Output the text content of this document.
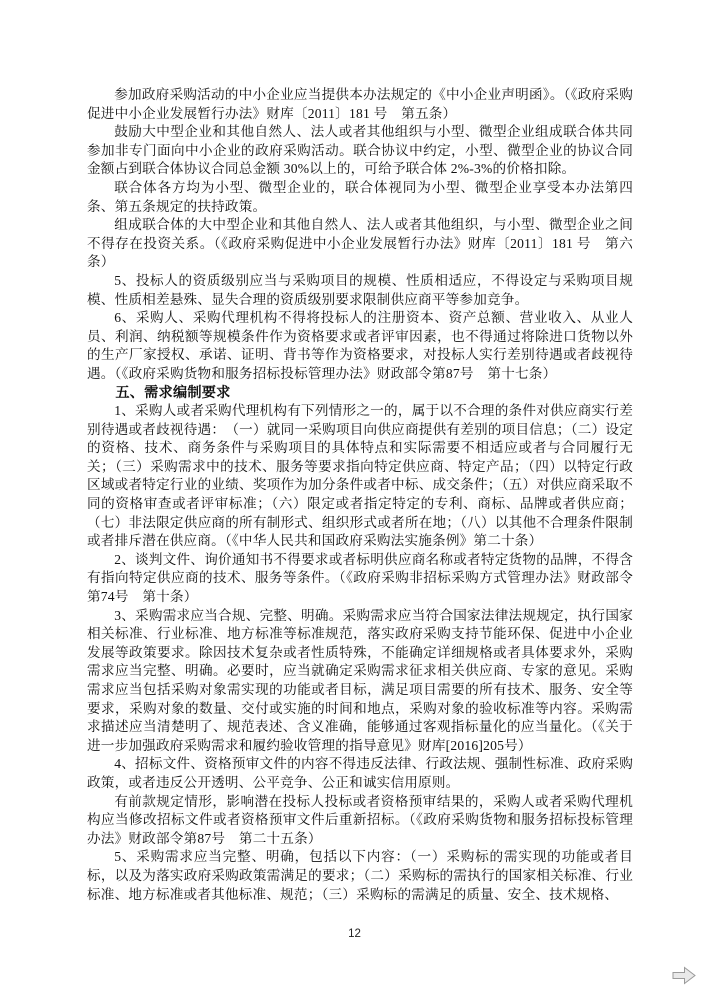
参加政府采购活动的中小企业应当提供本办法规定的《中小企业声明函》。（《政府采购促进中小企业发展暂行办法》财库〔2011〕181 号　第五条）

鼓励大中型企业和其他自然人、法人或者其他组织与小型、微型企业组成联合体共同参加非专门面向中小企业的政府采购活动。联合协议中约定，小型、微型企业的协议合同金额占到联合体协议合同总金额 30%以上的，可给予联合体 2%-3%的价格扣除。

联合体各方均为小型、微型企业的，联合体视同为小型、微型企业享受本办法第四条、第五条规定的扶持政策。

组成联合体的大中型企业和其他自然人、法人或者其他组织，与小型、微型企业之间不得存在投资关系。（《政府采购促进中小企业发展暂行办法》财库〔2011〕181 号　第六条）

5、投标人的资质级别应当与采购项目的规模、性质相适应，不得设定与采购项目规模、性质相差悬殊、显失合理的资质级别要求限制供应商平等参加竞争。

6、采购人、采购代理机构不得将投标人的注册资本、资产总额、营业收入、从业人员、利润、纳税额等规模条件作为资格要求或者评审因素，也不得通过将除进口货物以外的生产厂家授权、承诺、证明、背书等作为资格要求，对投标人实行差别待遇或者歧视待遇。（《政府采购货物和服务招标投标管理办法》财政部令第87号　第十七条）

五、需求编制要求

1、采购人或者采购代理机构有下列情形之一的，属于以不合理的条件对供应商实行差别待遇或者歧视待遇：　（一）就同一采购项目向供应商提供有差别的项目信息；（二）设定的资格、技术、商务条件与采购项目的具体特点和实际需要不相适应或者与合同履行无关；（三）采购需求中的技术、服务等要求指向特定供应商、特定产品；（四）以特定行政区域或者特定行业的业绩、奖项作为加分条件或者中标、成交条件；（五）对供应商采取不同的资格审查或者评审标准；（六）限定或者指定特定的专利、商标、品牌或者供应商；（七）非法限定供应商的所有制形式、组织形式或者所在地；（八）以其他不合理条件限制或者排斥潜在供应商。（《中华人民共和国政府采购法实施条例》第二十条）

2、谈判文件、询价通知书不得要求或者标明供应商名称或者特定货物的品牌，不得含有指向特定供应商的技术、服务等条件。（《政府采购非招标采购方式管理办法》财政部令第74号　第十条）

3、采购需求应当合规、完整、明确。采购需求应当符合国家法律法规规定，执行国家相关标准、行业标准、地方标准等标准规范，落实政府采购支持节能环保、促进中小企业发展等政策要求。除因技术复杂或者性质特殊，不能确定详细规格或者具体要求外，采购需求应当完整、明确。必要时，应当就确定采购需求征求相关供应商、专家的意见。采购需求应当包括采购对象需实现的功能或者目标，满足项目需要的所有技术、服务、安全等要求，采购对象的数量、交付或实施的时间和地点，采购对象的验收标准等内容。采购需求描述应当清楚明了、规范表述、含义准确，能够通过客观指标量化的应当量化。（《关于进一步加强政府采购需求和履约验收管理的指导意见》财库[2016]205号）

4、招标文件、资格预审文件的内容不得违反法律、行政法规、强制性标准、政府采购政策，或者违反公开透明、公平竞争、公正和诚实信用原则。

有前款规定情形，影响潜在投标人投标或者资格预审结果的，采购人或者采购代理机构应当修改招标文件或者资格预审文件后重新招标。（《政府采购货物和服务招标投标管理办法》财政部令第87号　第二十五条）

5、采购需求应当完整、明确，包括以下内容：（一）采购标的需实现的功能或者目标，以及为落实政府采购政策需满足的要求；（二）采购标的需执行的国家相关标准、行业标准、地方标准或者其他标准、规范；（三）采购标的需满足的质量、安全、技术规格、

12
